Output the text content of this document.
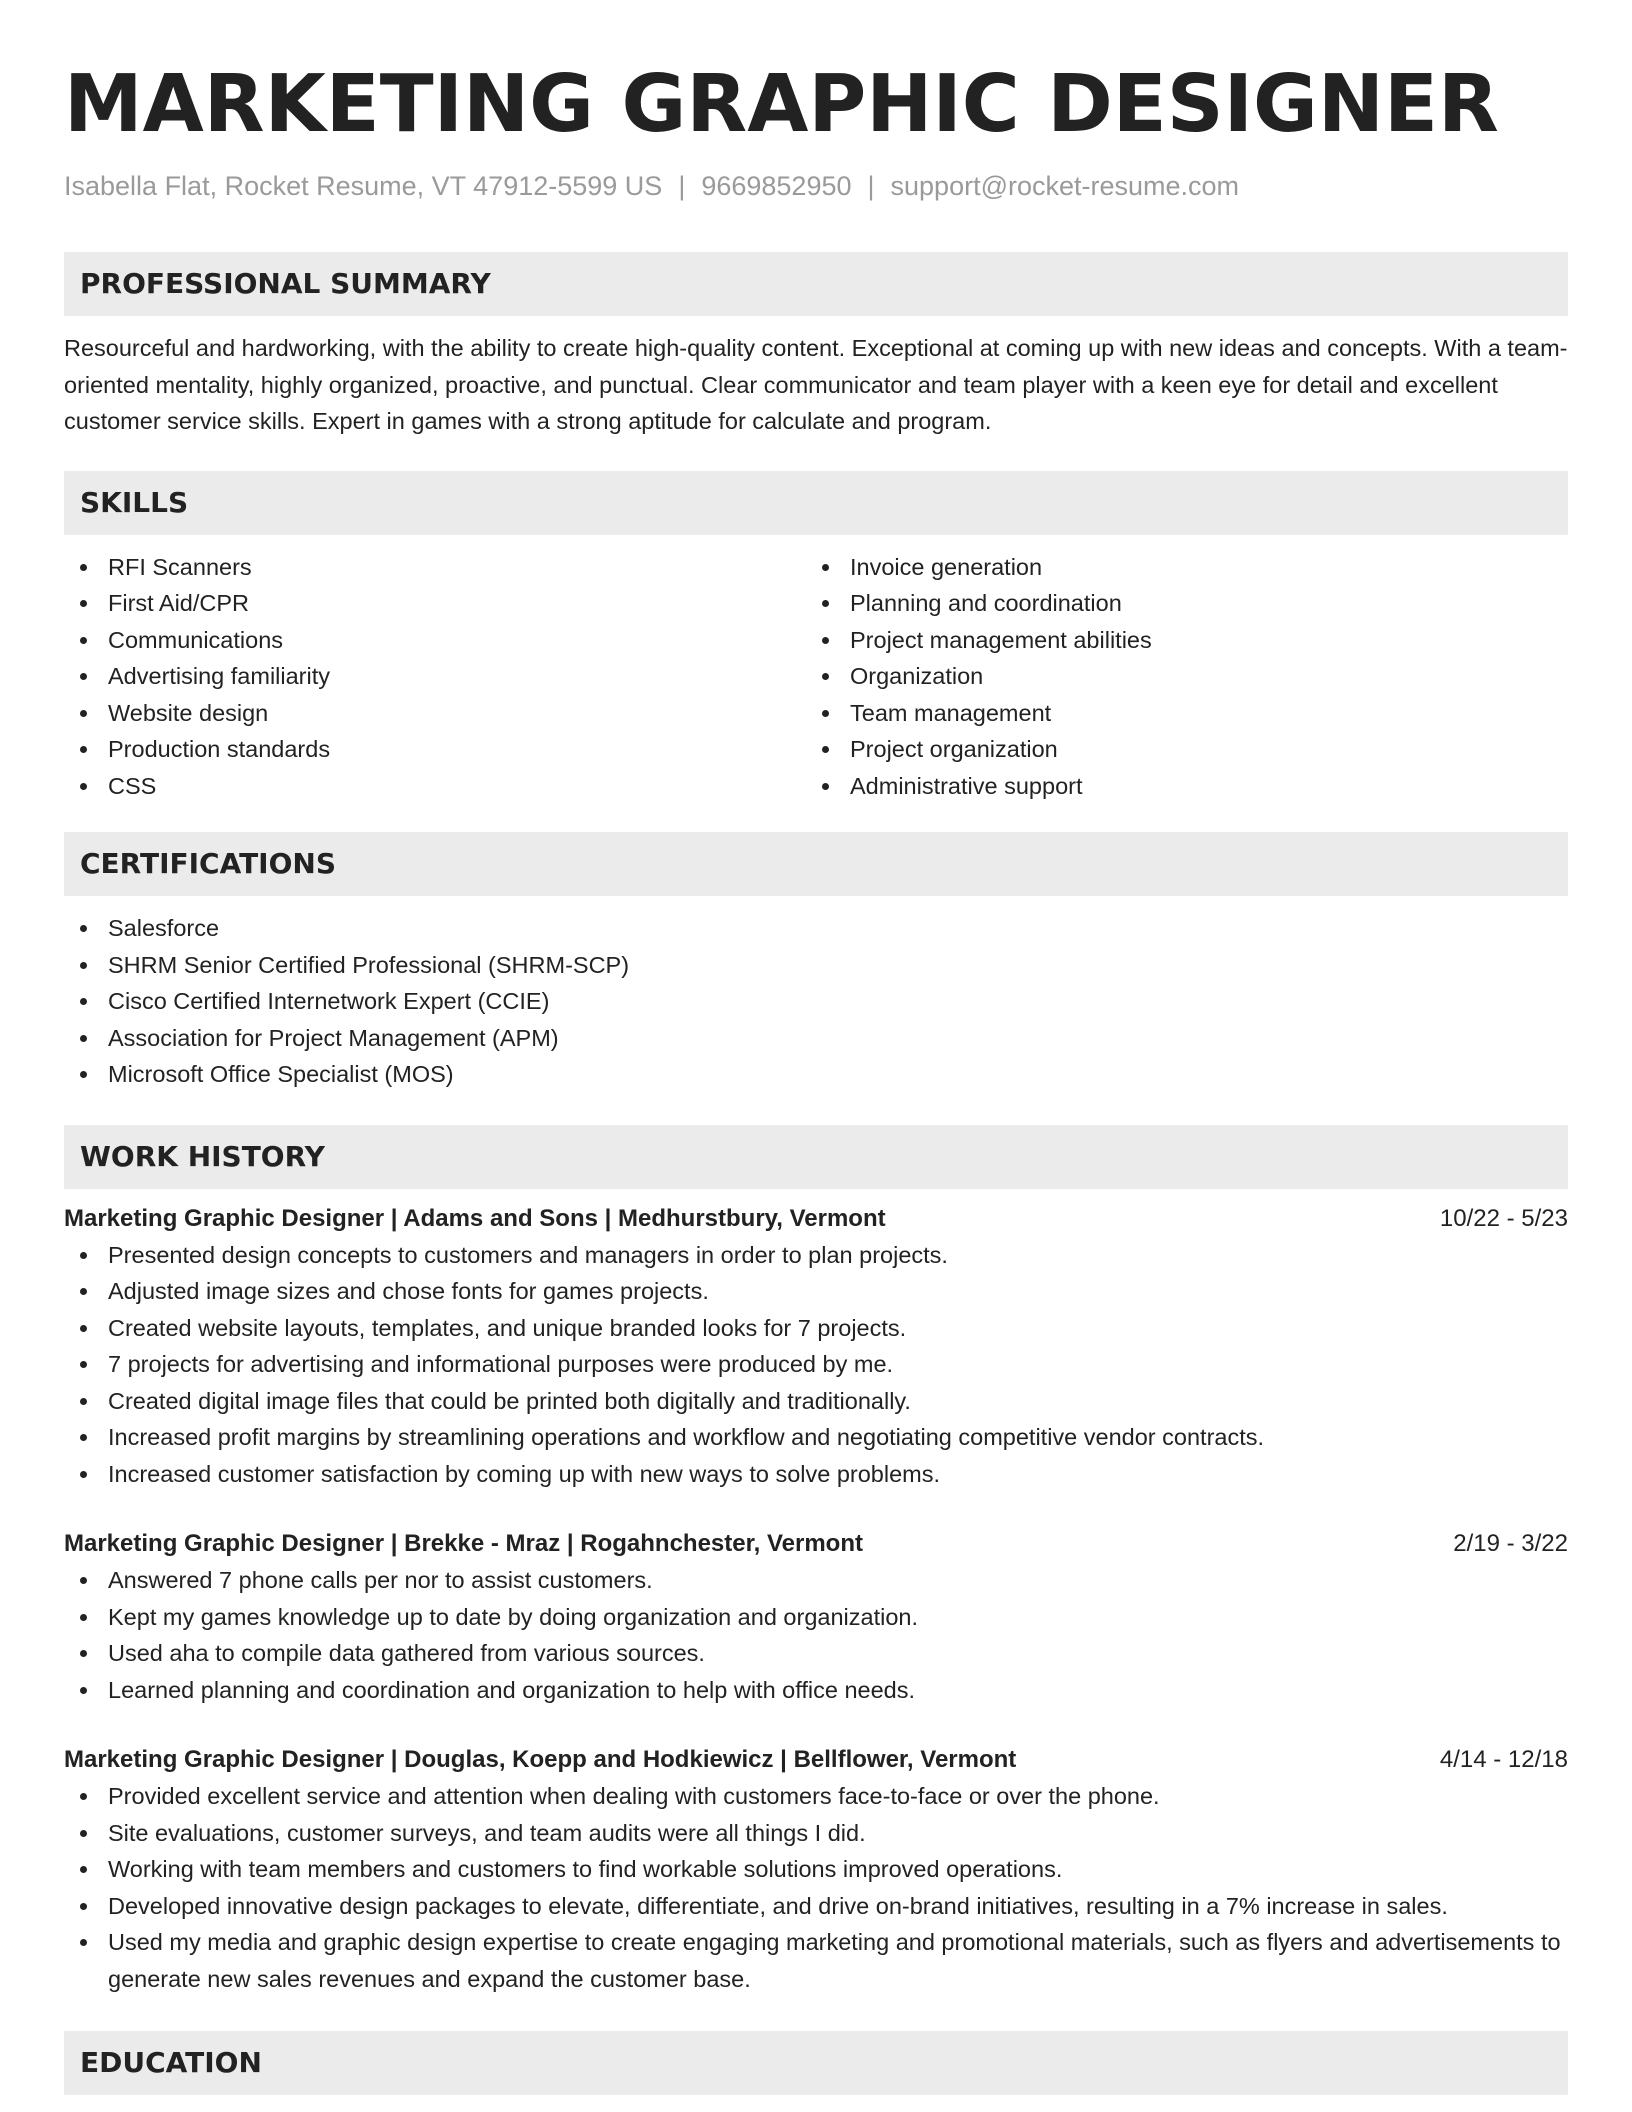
MARKETING GRAPHIC DESIGNER
Isabella Flat, Rocket Resume, VT 47912-5599 US | 9669852950 | support@rocket-resume.com
PROFESSIONAL SUMMARY

Resourceful and hardworking, with the ability to create high-quality content. Exceptional at coming up with new ideas and concepts. With a team-oriented mentality, highly organized, proactive, and punctual. Clear communicator and team player with a keen eye for detail and excellent customer service skills. Expert in games with a strong aptitude for calculate and program.

SKILLS
RFI Scanners
First Aid/CPR
Communications
Advertising familiarity
Website design
Production standards
CSS
Invoice generation
Planning and coordination
Project management abilities
Organization
Team management
Project organization
Administrative support
CERTIFICATIONS
Salesforce
SHRM Senior Certified Professional (SHRM-SCP)
Cisco Certified Internetwork Expert (CCIE)
Association for Project Management (APM)
Microsoft Office Specialist (MOS)
WORK HISTORY
Marketing Graphic Designer | Adams and Sons | Medhurstbury, Vermont	10/22 - 5/23
Presented design concepts to customers and managers in order to plan projects.
Adjusted image sizes and chose fonts for games projects.
Created website layouts, templates, and unique branded looks for 7 projects.
7 projects for advertising and informational purposes were produced by me.
Created digital image files that could be printed both digitally and traditionally.
Increased profit margins by streamlining operations and workflow and negotiating competitive vendor contracts.
Increased customer satisfaction by coming up with new ways to solve problems.
Marketing Graphic Designer | Brekke - Mraz | Rogahnchester, Vermont	2/19 - 3/22
Answered 7 phone calls per nor to assist customers.
Kept my games knowledge up to date by doing organization and organization.
Used aha to compile data gathered from various sources.
Learned planning and coordination and organization to help with office needs.
Marketing Graphic Designer | Douglas, Koepp and Hodkiewicz | Bellflower, Vermont	4/14 - 12/18
Provided excellent service and attention when dealing with customers face-to-face or over the phone.
Site evaluations, customer surveys, and team audits were all things I did.
Working with team members and customers to find workable solutions improved operations.
Developed innovative design packages to elevate, differentiate, and drive on-brand initiatives, resulting in a 7% increase in sales.
Used my media and graphic design expertise to create engaging marketing and promotional materials, such as flyers and advertisements to generate new sales revenues and expand the customer base.
EDUCATION
